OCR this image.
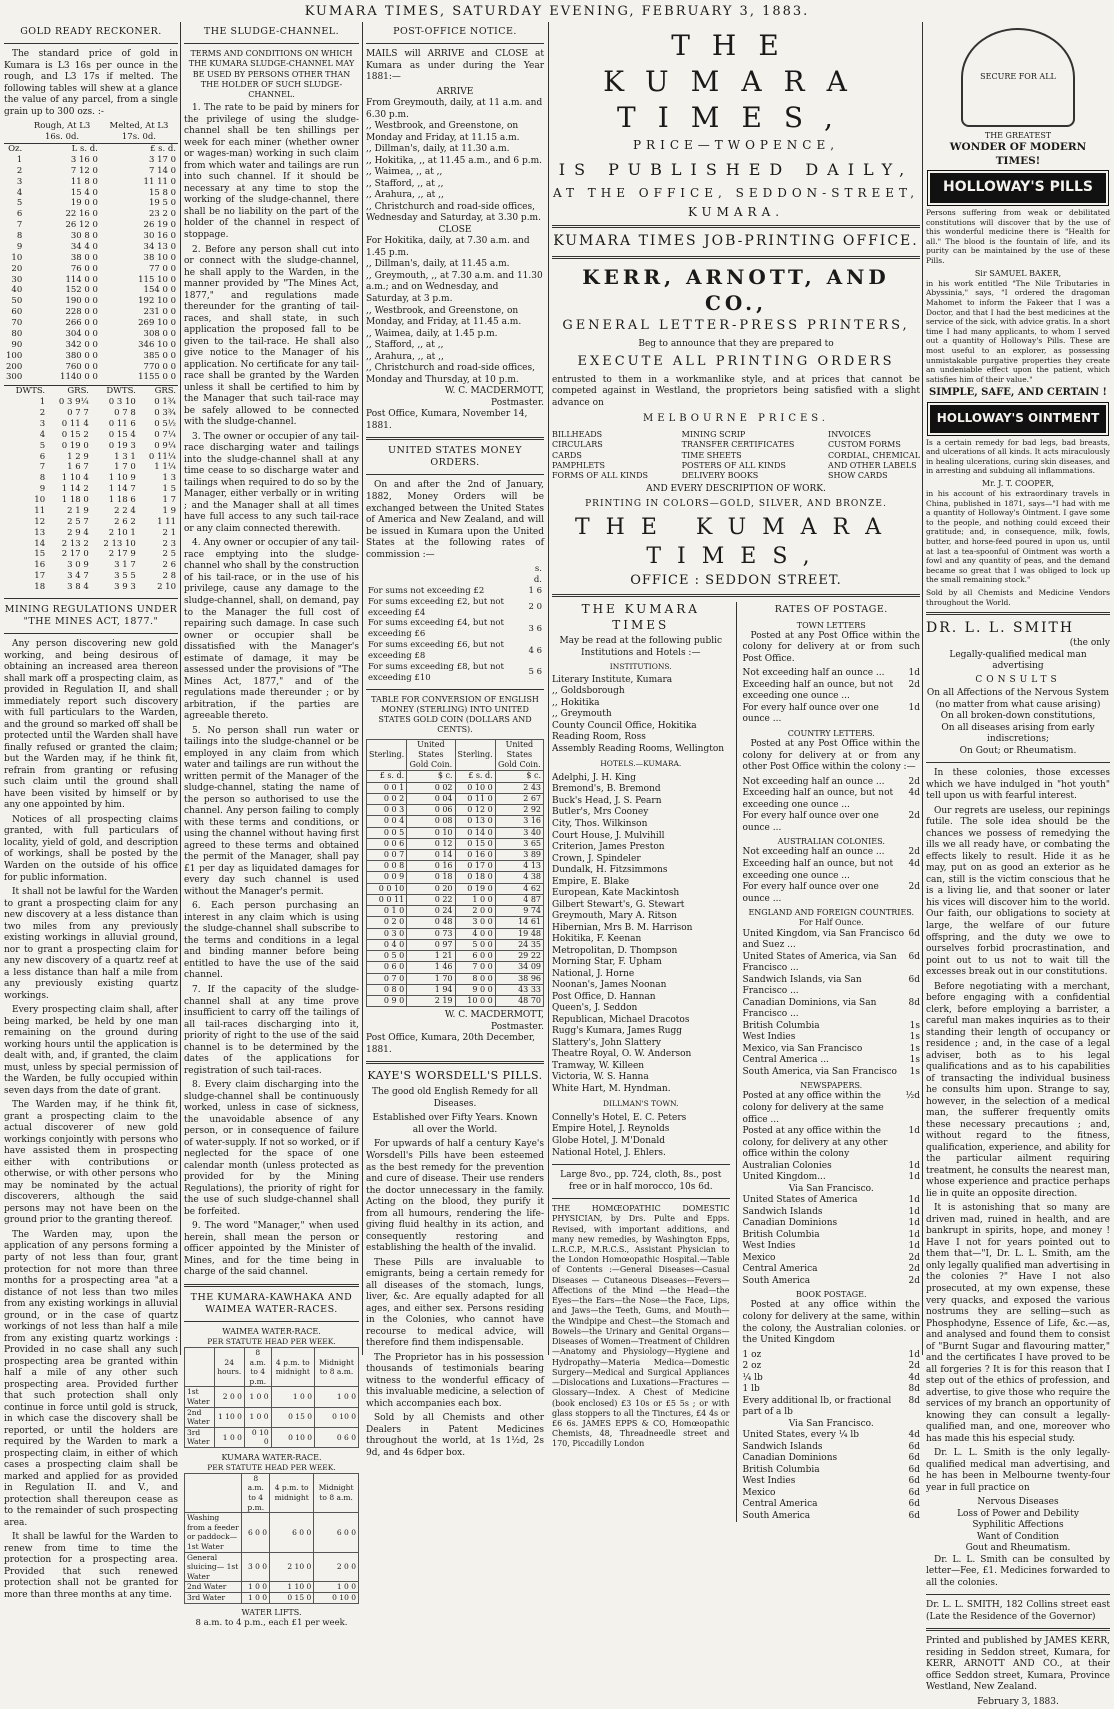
KUMARA TIMES, SATURDAY EVENING, FEBRUARY 3, 1883.
GOLD READY RECKONER.

The standard price of gold in Kumara is L3 16s per ounce in the rough, and L3 17s if melted. The following tables will shew at a glance the value of any parcel, from a single grain up to 300 ozs. :-

	Rough, At L3 16s. 0d.	Melted, At L3 17s. 0d.
Oz.	L s. d.	£ s. d.
1	3 16 0	3 17 0
2	7 12 0	7 14 0
3	11 8 0	11 11 0
4	15 4 0	15 8 0
5	19 0 0	19 5 0
6	22 16 0	23 2 0
7	26 12 0	26 19 0
8	30 8 0	30 16 0
9	34 4 0	34 13 0
10	38 0 0	38 10 0
20	76 0 0	77 0 0
30	114 0 0	115 10 0
40	152 0 0	154 0 0
50	190 0 0	192 10 0
60	228 0 0	231 0 0
70	266 0 0	269 10 0
80	304 0 0	308 0 0
90	342 0 0	346 10 0
100	380 0 0	385 0 0
200	760 0 0	770 0 0
300	1140 0 0	1155 0 0
DWTS.	GRS.	DWTS.	GRS.
1	0 3 9¼	0 3 10	0 1¾
2	0 7 7	0 7 8	0 3¾
3	0 11 4	0 11 6	0 5½
4	0 15 2	0 15 4	0 7¼
5	0 19 0	0 19 3	0 9¼
6	1 2 9	1 3 1	0 11¼
7	1 6 7	1 7 0	1 1¼
8	1 10 4	1 10 9	1 3
9	1 14 2	1 14 7	1 5
10	1 18 0	1 18 6	1 7
11	2 1 9	2 2 4	1 9
12	2 5 7	2 6 2	1 11
13	2 9 4	2 10 1	2 1
14	2 13 2	2 13 10	2 3
15	2 17 0	2 17 9	2 5
16	3 0 9	3 1 7	2 6
17	3 4 7	3 5 5	2 8
18	3 8 4	3 9 3	2 10
MINING REGULATIONS UNDER "THE MINES ACT, 1877."

Any person discovering new gold working, and being desirous of obtaining an increased area thereon shall mark off a prospecting claim, as provided in Regulation II, and shall immediately report such discovery with full particulars to the Warden, and the ground so marked off shall be protected until the Warden shall have finally refused or granted the claim; but the Warden may, if he think fit, refrain from granting or refusing such claim until the ground shall have been visited by himself or by any one appointed by him.

Notices of all prospecting claims granted, with full particulars of locality, yield of gold, and description of workings, shall be posted by the Warden on the outside of his office for public information.

It shall not be lawful for the Warden to grant a prospecting claim for any new discovery at a less distance than two miles from any previously existing workings in alluvial ground, nor to grant a prospecting claim for any new discovery of a quartz reef at a less distance than half a mile from any previously existing quartz workings.

Every prospecting claim shall, after being marked, be held by one man remaining on the ground during working hours until the application is dealt with, and, if granted, the claim must, unless by special permission of the Warden, be fully occupied within seven days from the date of grant.

The Warden may, if he think fit, grant a prospecting claim to the actual discoverer of new gold workings conjointly with persons who have assisted them in prospecting either with contributions or otherwise, or with other persons who may be nominated by the actual discoverers, although the said persons may not have been on the ground prior to the granting thereof.

The Warden may, upon the application of any persons forming a party of not less than four, grant protection for not more than three months for a prospecting area "at a distance of not less than two miles from any existing workings in alluvial ground, or in the case of quartz workings of not less than half a mile from any existing quartz workings : Provided in no case shall any such prospecting area be granted within half a mile of any other such prospecting area. Provided further that such protection shall only continue in force until gold is struck, in which case the discovery shall be reported, or until the holders are required by the Warden to mark a prospecting claim, in either of which cases a prospecting claim shall be marked and applied for as provided in Regulation II. and V., and protection shall thereupon cease as to the remainder of such prospecting area.

It shall be lawful for the Warden to renew from time to time the protection for a prospecting area. Provided that such renewed protection shall not be granted for more than three months at any time.

THE SLUDGE-CHANNEL.

TERMS AND CONDITIONS ON WHICH THE KUMARA SLUDGE-CHANNEL MAY BE USED BY PERSONS OTHER THAN THE HOLDER OF SUCH SLUDGE-CHANNEL.

1. The rate to be paid by miners for the privilege of using the sludge-channel shall be ten shillings per week for each miner (whether owner or wages-man) working in such claim from which water and tailings are run into such channel. If it should be necessary at any time to stop the working of the sludge-channel, there shall be no liability on the part of the holder of the channel in respect of stoppage.

2. Before any person shall cut into or connect with the sludge-channel, he shall apply to the Warden, in the manner provided by "The Mines Act, 1877," and regulations made thereunder for the granting of tail-races, and shall state, in such application the proposed fall to be given to the tail-race. He shall also give notice to the Manager of his application. No certificate for any tail-race shall be granted by the Warden unless it shall be certified to him by the Manager that such tail-race may be safely allowed to be connected with the sludge-channel.

3. The owner or occupier of any tail-race discharging water and tailings into the sludge-channel shall at any time cease to so discharge water and tailings when required to do so by the Manager, either verbally or in writing ; and the Manager shall at all times have full access to any such tail-race or any claim connected therewith.

4. Any owner or occupier of any tail-race emptying into the sludge-channel who shall by the construction of his tail-race, or in the use of his privilege, cause any damage to the sludge-channel, shall, on demand, pay to the Manager the full cost of repairing such damage. In case such owner or occupier shall be dissatisfied with the Manager's estimate of damage, it may be assessed under the provisions of "The Mines Act, 1877," and of the regulations made thereunder ; or by arbitration, if the parties are agreeable thereto.

5. No person shall run water or tailings into the sludge-channel or be employed in any claim from which water and tailings are run without the written permit of the Manager of the sludge-channel, stating the name of the person so authorised to use the channel. Any person failing to comply with these terms and conditions, or using the channel without having first agreed to these terms and obtained the permit of the Manager, shall pay £1 per day as liquidated damages for every day such channel is used without the Manager's permit.

6. Each person purchasing an interest in any claim which is using the sludge-channel shall subscribe to the terms and conditions in a legal and binding manner before being entitled to have the use of the said channel.

7. If the capacity of the sludge-channel shall at any time prove insufficient to carry off the tailings of all tail-races discharging into it, priority of right to the use of the said channel is to be determined by the dates of the applications for registration of such tail-races.

8. Every claim discharging into the sludge-channel shall be continuously worked, unless in case of sickness, the unavoidable absence of any person, or in consequence of failure of water-supply. If not so worked, or if neglected for the space of one calendar month (unless protected as provided for by the Mining Regulations), the priority of right for the use of such sludge-channel shall be forfeited.

9. The word "Manager," when used herein, shall mean the person or officer appointed by the Minister of Mines, and for the time being in charge of the said channel.

THE KUMARA-KAWHAKA AND WAIMEA WATER-RACES.
WAIMEA WATER-RACE.
PER STATUTE HEAD PER WEEK.
	24 hours.	8 a.m. to 4 p.m.	4 p.m. to midnight	Midnight to 8 a.m.
1st Water	2 0 0	1 0 0	1 0 0	1 0 0
2nd Water	1 10 0	1 0 0	0 15 0	0 10 0
3rd Water	1 0 0	0 10 0	0 10 0	0 6 0
KUMARA WATER-RACE.
PER STATUTE HEAD PER WEEK.
	8 a.m. to 4 p.m.	4 p.m. to midnight	Midnight to 8 a.m.
Washing from a feeder or paddock— 1st Water	6 0 0	6 0 0	6 0 0
General sluicing— 1st Water	3 0 0	2 10 0	2 0 0
2nd Water	1 0 0	1 10 0	1 0 0
3rd Water	1 0 0	0 15 0	0 10 0
WATER LIFTS.
8 a.m. to 4 p.m., each £1 per week.
POST-OFFICE NOTICE.

MAILS will ARRIVE and CLOSE at Kumara as under during the Year 1881:—

ARRIVE
From Greymouth, daily, at 11 a.m. and 6.30 p.m.
,, Westbrook, and Greenstone, on Monday and Friday, at 11.15 a.m.
,, Dillman's, daily, at 11.30 a.m.
,, Hokitika, ,, at 11.45 a.m., and 6 p.m.
,, Waimea, ,, at ,,
,, Stafford, ,, at ,,
,, Arahura, ,, at ,,
,, Christchurch and road-side offices, Wednesday and Saturday, at 3.30 p.m.
CLOSE
For Hokitika, daily, at 7.30 a.m. and 1.45 p.m.
,, Dillman's, daily, at 11.45 a.m.
,, Greymouth, ,, at 7.30 a.m. and 11.30 a.m.; and on Wednesday, and Saturday, at 3 p.m.
,, Westbrook, and Greenstone, on Monday, and Friday, at 11.45 a.m.
,, Waimea, daily, at 1.45 p.m.
,, Stafford, ,, at ,,
,, Arahura, ,, at ,,
,, Christchurch and road-side offices, Monday and Thursday, at 10 p.m.
W. C. MACDERMOTT,
Postmaster.
Post Office, Kumara, November 14, 1881.
UNITED STATES MONEY ORDERS.

On and after the 2nd of January, 1882, Money Orders will be exchanged between the United States of America and New Zealand, and will be issued in Kumara upon the United States at the following rates of commission :—

	s. d.
For sums not exceeding £2	1 6
For sums exceeding £2, but not exceeding £4	2 0
For sums exceeding £4, but not exceeding £6	3 6
For sums exceeding £6, but not exceeding £8	4 6
For sums exceeding £8, but not exceeding £10	5 6
TABLE FOR CONVERSION OF ENGLISH MONEY (STERLING) INTO UNITED STATES GOLD COIN (DOLLARS AND CENTS).
Sterling.	United States Gold Coin.	Sterling.	United States Gold Coin.
£ s. d.	$ c.	£ s. d.	$ c.
0 0 1	0 02	0 10 0	2 43
0 0 2	0 04	0 11 0	2 67
0 0 3	0 06	0 12 0	2 92
0 0 4	0 08	0 13 0	3 16
0 0 5	0 10	0 14 0	3 40
0 0 6	0 12	0 15 0	3 65
0 0 7	0 14	0 16 0	3 89
0 0 8	0 16	0 17 0	4 13
0 0 9	0 18	0 18 0	4 38
0 0 10	0 20	0 19 0	4 62
0 0 11	0 22	1 0 0	4 87
0 1 0	0 24	2 0 0	9 74
0 2 0	0 48	3 0 0	14 61
0 3 0	0 73	4 0 0	19 48
0 4 0	0 97	5 0 0	24 35
0 5 0	1 21	6 0 0	29 22
0 6 0	1 46	7 0 0	34 09
0 7 0	1 70	8 0 0	38 96
0 8 0	1 94	9 0 0	43 33
0 9 0	2 19	10 0 0	48 70
W. C. MACDERMOTT,
Postmaster.
Post Office, Kumara, 20th December, 1881.
KAYE'S WORSDELL'S PILLS.
The good old English Remedy for all Diseases.
Established over Fifty Years. Known all over the World.

For upwards of half a century Kaye's Worsdell's Pills have been esteemed as the best remedy for the prevention and cure of disease. Their use renders the doctor unnecessary in the family. Acting on the blood, they purify it from all humours, rendering the life-giving fluid healthy in its action, and consequently restoring and establishing the health of the invalid.

These Pills are invaluable to emigrants, being a certain remedy for all diseases of the stomach, lungs, liver, &c. Are equally adapted for all ages, and either sex. Persons residing in the Colonies, who cannot have recourse to medical advice, will therefore find them indispensable.

The Proprietor has in his possession thousands of testimonials bearing witness to the wonderful efficacy of this invaluable medicine, a selection of which accompanies each box.

Sold by all Chemists and other Dealers in Patent Medicines throughout the world, at 1s 1½d, 2s 9d, and 4s 6dper box.

THE KUMARA TIMES,
PRICE—TWOPENCE,
IS PUBLISHED DAILY,
AT THE OFFICE, SEDDON-STREET,
KUMARA.
KUMARA TIMES JOB-PRINTING OFFICE.
KERR, ARNOTT, AND CO.,
GENERAL LETTER-PRESS PRINTERS,
Beg to announce that they are prepared to
EXECUTE ALL PRINTING ORDERS

entrusted to them in a workmanlike style, and at prices that cannot be competed against in Westland, the proprietors being satisfied with a slight advance on

MELBOURNE PRICES.
BILLHEADS
CIRCULARS
CARDS
PAMPHLETS
FORMS OF ALL KINDS
MINING SCRIP
TRANSFER CERTIFICATES
TIME SHEETS
POSTERS OF ALL KINDS
DELIVERY BOOKS
INVOICES
CUSTOM FORMS
CORDIAL, CHEMICAL
AND OTHER LABELS
SHOW CARDS
AND EVERY DESCRIPTION OF WORK.
PRINTING IN COLORS—GOLD, SILVER, AND BRONZE.
THE KUMARA TIMES,
OFFICE : SEDDON STREET.
THE KUMARA TIMES
May be read at the following public Institutions and Hotels :—
INSTITUTIONS.
Literary Institute, Kumara
,, Goldsborough
,, Hokitika
,, Greymouth
County Council Office, Hokitika
Reading Room, Ross
Assembly Reading Rooms, Wellington
HOTELS.—KUMARA.
Adelphi, J. H. King
Bremond's, B. Bremond
Buck's Head, J. S. Pearn
Butler's, Mrs Cooney
City, Thos. Wilkinson
Court House, J. Mulvihill
Criterion, James Preston
Crown, J. Spindeler
Dundalk, H. Fitzsimmons
Empire, E. Blake
European, Kate Mackintosh
Gilbert Stewart's, G. Stewart
Greymouth, Mary A. Ritson
Hibernian, Mrs B. M. Harrison
Hokitika, F. Keenan
Metropolitan, D. Thompson
Morning Star, F. Upham
National, J. Horne
Noonan's, James Noonan
Post Office, D. Hannan
Queen's, J. Seddon
Republican, Michael Dracotos
Rugg's Kumara, James Rugg
Slattery's, John Slattery
Theatre Royal, O. W. Anderson
Tramway, W. Killeen
Victoria, W. S. Hanna
White Hart, M. Hyndman.
DILLMAN'S TOWN.
Connelly's Hotel, E. C. Peters
Empire Hotel, J. Reynolds
Globe Hotel, J. M'Donald
National Hotel, J. Ehlers.
Large 8vo., pp. 724, cloth, 8s., post free or in half morocco, 10s 6d.

THE HOMŒOPATHIC DOMESTIC PHYSICIAN, by Drs. Pulte and Epps. Revised, with important additions, and many new remedies, by Washington Epps, L.R.C.P., M.R.C.S., Assistant Physician to the London Homœopathic Hospital.—Table of Contents :—General Diseases—Casual Diseases — Cutaneous Diseases—Fevers—Affections of the Mind —the Head—the Eyes—the Ears—the Nose—the Face, Lips, and Jaws—the Teeth, Gums, and Mouth—the Windpipe and Chest—the Stomach and Bowels—the Urinary and Genital Organs—Diseases of Women—Treatment of Children—Anatomy and Physiology—Hygiene and Hydropathy—Materia Medica—Domestic Surgery—Medical and Surgical Appliances —Dislocations and Luxations—Fractures —Glossary—Index. A Chest of Medicine (book enclosed) £3 10s or £5 5s ; or with glass stoppers to all the Tinctures, £4 4s or £6 6s. JAMES EPPS & CO, Homœopathic Chemists, 48, Threadneedle street and 170, Piccadilly London

RATES OF POSTAGE.
TOWN LETTERS

Posted at any Post Office within the colony for delivery at or from such Post Office.

Not exceeding half an ounce ...	1d
Exceeding half an ounce, but not exceeding one ounce ...
2d
For every half ounce over one ounce ...
1d
COUNTRY LETTERS.

Posted at any Post Office within the colony for delivery at or from any other Post Office within the colony :—

Not exceeding half an ounce ...	2d
Exceeding half an ounce, but not exceeding one ounce ...
4d
For every half ounce over one ounce ...
2d
AUSTRALIAN COLONIES.
Not exceeding half an ounce ...	2d
Exceeding half an ounce, but not exceeding one ounce ...
4d
For every half ounce over one ounce ...
2d
ENGLAND AND FOREIGN COUNTRIES. For Half Ounce.
United Kingdom, via San Francisco and Suez ...
6d
United States of America, via San Francisco ...
6d
Sandwich Islands, via San Francisco ...
6d
Canadian Dominions, via San Francisco ...
8d
British Columbia	1s
West Indies	1s
Mexico, via San Francisco	1s
Central America ...	1s
South America, via San Francisco	1s
NEWSPAPERS.
Posted at any office within the colony for delivery at the same office ...
½d
Posted at any office within the colony, for delivery at any other office within the colony
1d
Australian Colonies	1d
United Kingdom...	1d
Via San Francisco.
United States of America	1d
Sandwich Islands	1d
Canadian Dominions	1d
British Columbia	1d
West Indies	1d
Mexico	2d
Central America	2d
South America	2d
BOOK POSTAGE.

Posted at any office within the colony for delivery at the same, within the colony, the Australian colonies. or the United Kingdom

1 oz	1d
2 oz	2d
¼ lb	4d
1 lb	8d
Every additional lb, or fractional part of a lb
8d
Via San Francisco.
United States, every ¼ lb	4d
Sandwich Islands	6d
Canadian Dominions	6d
British Columbia	6d
West Indies	6d
Mexico	6d
Central America	6d
South America	6d
SECURE FOR ALL
THE GREATEST
WONDER OF MODERN TIMES!
HOLLOWAY'S PILLS

Persons suffering from weak or debilitated constitutions will discover that by the use of this wonderful medicine there is "Health for all." The blood is the fountain of life, and its purity can be maintained by the use of these Pills.

Sir SAMUEL BAKER,

in his work entitled "The Nile Tributaries in Abyssinia," says, "I ordered the dragoman Mahomet to inform the Fakeer that I was a Doctor, and that I had the best medicines at the service of the sick, with advice gratis. In a short time I had many applicants, to whom I served out a quantity of Holloway's Pills. These are most useful to an explorer, as possessing unmistakable purgative properties they create an undeniable effect upon the patient, which satisfies him of their value."

SIMPLE, SAFE, AND CERTAIN !
HOLLOWAY'S OINTMENT

Is a certain remedy for bad legs, bad breasts, and ulcerations of all kinds. It acts miraculously in healing ulcerations, curing skin diseases, and in arresting and subduing all inflammations.

Mr. J. T. COOPER,

in his account of his extraordinary travels in China, published in 1871, says—"I had with me a quantity of Holloway's Ointment. I gave some to the people, and nothing could exceed their gratitude; and, in consequence, milk, fowls, butter, and horse-feed poured in upon us, until at last a tea-spoonful of Ointment was worth a fowl and any quantity of peas, and the demand became so great that I was obliged to lock up the small remaining stock."

Sold by all Chemists and Medicine Vendors throughout the World.

DR. L. L. SMITH
(the only
Legally-qualified medical man advertising
CONSULTS
On all Affections of the Nervous System (no matter from what cause arising)
On all broken-down constitutions,
On all diseases arising from early indiscretions;
On Gout; or Rheumatism.

In these colonies, those excesses which we have indulged in "hot youth" tell upon us with fearful interest.

Our regrets are useless, our repinings futile. The sole idea should be the chances we possess of remedying the ills we all ready have, or combating the effects likely to result. Hide it as he may, put on as good an exterior as he can, still is the victim conscious that he is a living lie, and that sooner or later his vices will discover him to the world. Our faith, our obligations to society at large, the welfare of our future offspring, and the duty we owe to ourselves forbid procrastination, and point out to us not to wait till the excesses break out in our constitutions.

Before negotiating with a merchant, before engaging with a confidential clerk, before employing a barrister, a careful man makes inquiries as to their standing their length of occupancy or residence ; and, in the case of a legal adviser, both as to his legal qualifications and as to his capabilities of transacting the individual business he consults him upon. Strange to say, however, in the selection of a medical man, the sufferer frequently omits these necessary precautions ; and, without regard to the fitness, qualification, experience, and ability for the particular ailment requiring treatment, he consults the nearest man, whose experience and practice perhaps lie in quite an opposite direction.

It is astonishing that so many are driven mad, ruined in health, and are bankrupt in spirits, hope, and money ! Have I not for years pointed out to them that—"I, Dr. L. L. Smith, am the only legally qualified man advertising in the colonies ?" Have I not also prosecuted, at my own expense, these very quacks, and exposed the various nostrums they are selling—such as Phosphodyne, Essence of Life, &c.—as, and analysed and found them to consist of "Burnt Sugar and flavouring matter," and the certificates I have proved to be all forgeries ? It is for this reason that I step out of the ethics of profession, and advertise, to give those who require the services of my branch an opportunity of knowing they can consult a legally-qualified man, and one, moreover who has made this his especial study.

Dr. L. L. Smith is the only legally-qualified medical man advertising, and he has been in Melbourne twenty-four year in full practice on

Nervous Diseases
Loss of Power and Debility
Syphilitic Affections
Want of Condition
Gout and Rheumatism.

Dr. L. L. Smith can be consulted by letter—Fee, £1. Medicines forwarded to all the colonies.

Dr. L. L. SMITH, 182 Collins street east (Late the Residence of the Governor)

Printed and published by JAMES KERR, residing in Seddon street, Kumara, for KERR, ARNOTT AND CO., at their office Seddon street, Kumara, Province Westland, New Zealand.

February 3, 1883.
